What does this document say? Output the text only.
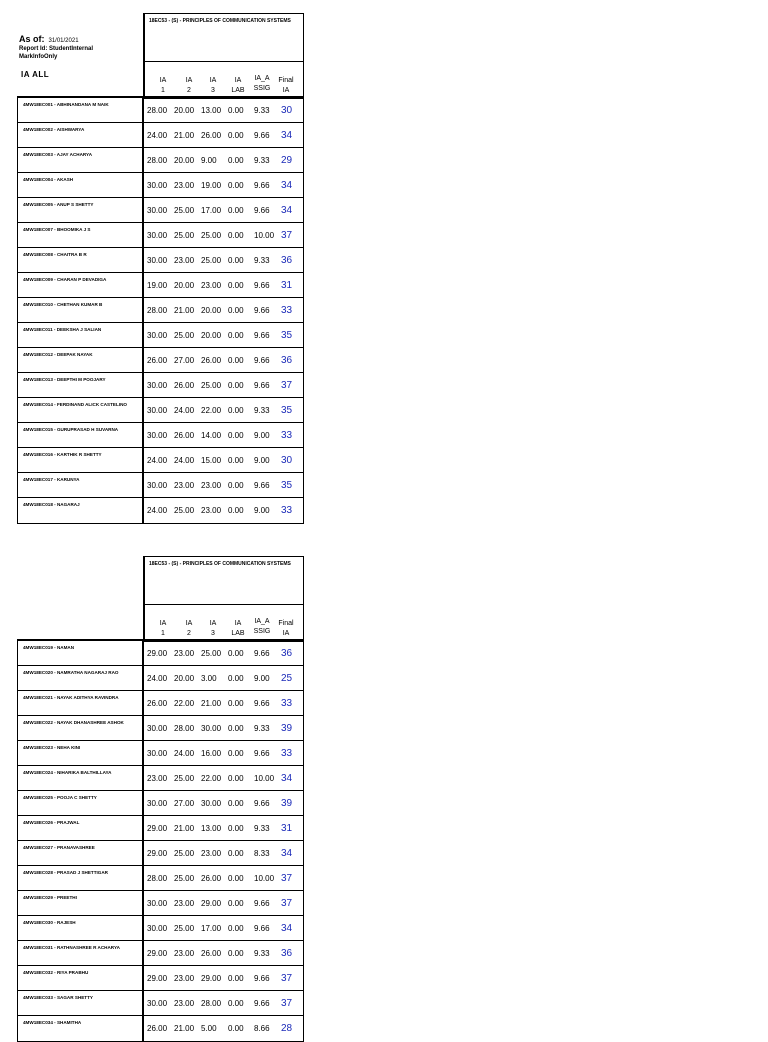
As of: 31/01/2021
Report Id: StudentInternal MarkInfoOnly
IA ALL
18EC53 - (S) - PRINCIPLES OF COMMUNICATION SYSTEMS
IA
1
IA
2
IA
3
IA
LAB
IA_A
SSIG

...
Final
IA
4MW18EC001 - ABHINANDANA M NAIK
28.00 20.00 13.00 0.00	9.33	30
4MW18EC002 - AISHWARYA
24.00 21.00 26.00 0.00	9.66	34
4MW18EC003 - AJAY ACHARYA
28.00 20.00 9.00	0.00	9.33	29
4MW18EC004 - AKASH
30.00 23.00 19.00 0.00	9.66	34
4MW18EC005 - ANUP S SHETTY
30.00 25.00 17.00 0.00	9.66	34
4MW18EC007 - BHOOMIKA J S
30.00 25.00 25.00 0.00	10.00 37
4MW18EC008 - CHAITRA B R
30.00 23.00 25.00 0.00	9.33	36
4MW18EC009 - CHARAN P DEVADIGA
19.00 20.00 23.00 0.00	9.66	31
4MW18EC010 - CHETHAN KUMAR B
28.00 21.00 20.00 0.00	9.66	33
4MW18EC011 - DEEKSHA J SALIAN
30.00 25.00 20.00 0.00	9.66	35
4MW18EC012 - DEEPAK NAYAK
26.00 27.00 26.00 0.00	9.66	36
4MW18EC013 - DEEPTHI M POOJARY
30.00 26.00 25.00 0.00	9.66	37
4MW18EC014 - FERDINAND ALICK CASTELINO
30.00 24.00 22.00 0.00	9.33	35
4MW18EC015 - GURUPRASAD H SUVARNA
30.00 26.00 14.00 0.00	9.00	33
4MW18EC016 - KARTHIK R SHETTY
24.00 24.00 15.00 0.00	9.00	30
4MW18EC017 - KARUNYA
30.00 23.00 23.00 0.00	9.66	35
4MW18EC018 - NAGARAJ
24.00 25.00 23.00 0.00	9.00	33
18EC53 - (S) - PRINCIPLES OF COMMUNICATION SYSTEMS
IA
1
IA
2
IA
3
IA
LAB
IA_A
SSIG

...
Final
IA
4MW18EC019 - NAMAN
29.00 23.00 25.00 0.00	9.66	36
4MW18EC020 - NAMRATHA NAGARAJ RAO
24.00 20.00 3.00	0.00	9.00	25
4MW18EC021 - NAYAK ADITHYA RAVINDRA
26.00 22.00 21.00 0.00	9.66	33
4MW18EC022 - NAYAK DHANASHREE ASHOK
30.00 28.00 30.00 0.00	9.33	39
4MW18EC023 - NEHA KINI
30.00 24.00 16.00 0.00	9.66	33
4MW18EC024 - NIHARIKA BALTHILLAYA
23.00 25.00 22.00 0.00	10.00 34
4MW18EC025 - POOJA C SHETTY
30.00 27.00 30.00 0.00	9.66	39
4MW18EC026 - PRAJWAL
29.00 21.00 13.00 0.00	9.33	31
4MW18EC027 - PRANAVASHREE
29.00 25.00 23.00 0.00	8.33	34
4MW18EC028 - PRASAD J SHETTIGAR
28.00 25.00 26.00 0.00	10.00 37
4MW18EC029 - PREETHI
30.00 23.00 29.00 0.00	9.66	37
4MW18EC030 - RAJESH
30.00 25.00 17.00 0.00	9.66	34
4MW18EC031 - RATHNASHREE R ACHARYA
29.00 23.00 26.00 0.00	9.33	36
4MW18EC032 - RIYA PRABHU
29.00 23.00 29.00 0.00	9.66	37
4MW18EC033 - SAGAR SHETTY
30.00 23.00 28.00 0.00	9.66	37
4MW18EC034 - SHAMITHA
26.00 21.00 5.00	0.00	8.66	28
